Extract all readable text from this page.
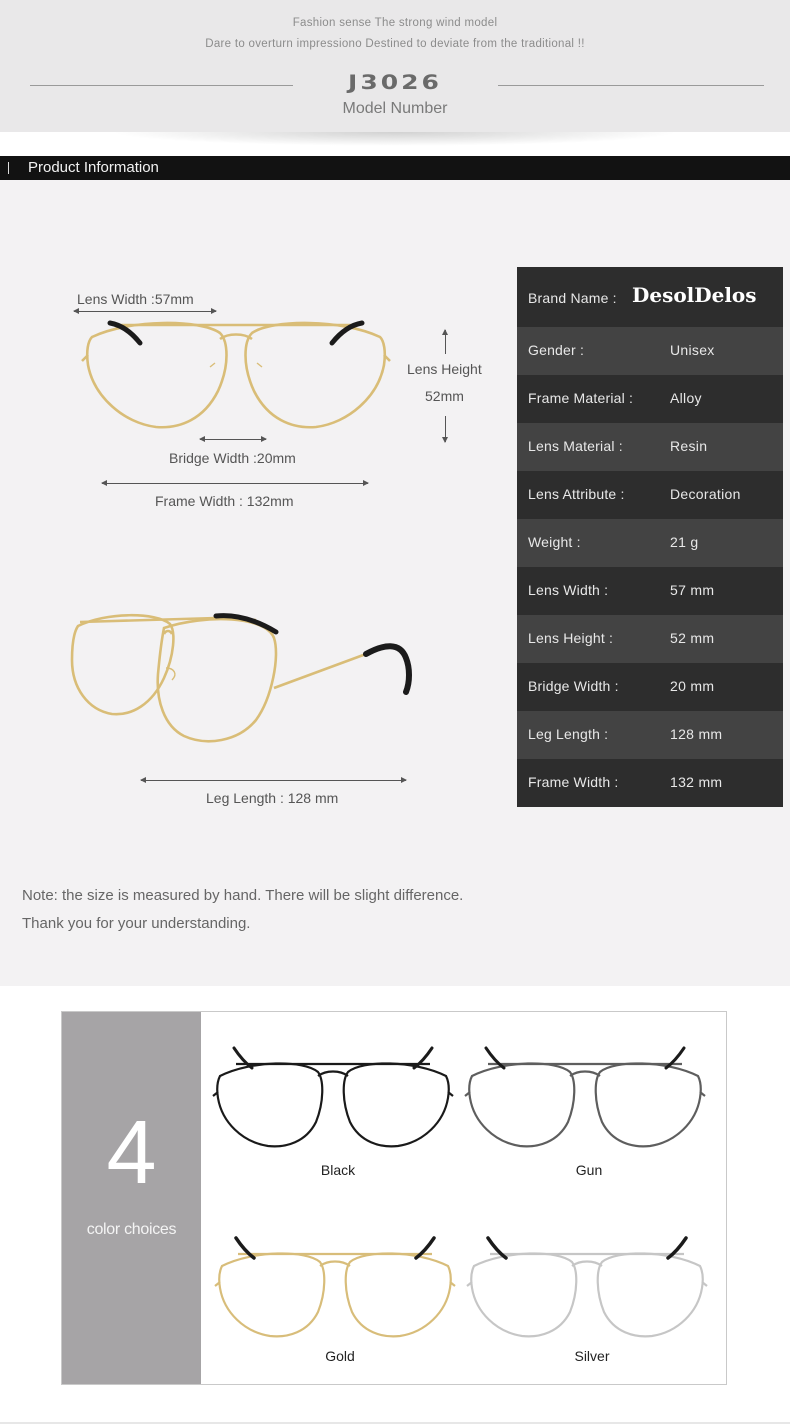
Fashion sense The strong wind model
Dare to overturn impressiono Destined to deviate from the traditional !!
J3026
Model Number
Product Information
Lens Width :57mm
Lens Height
52mm
Bridge Width :20mm
Frame Width : 132mm
Leg Length : 128 mm
Brand Name : DesolDelos
Gender :	Unisex
Frame Material :	Alloy
Lens Material :	Resin
Lens Attribute :	Decoration
Weight :	21 g
Lens Width :	57 mm
Lens Height :	52 mm
Bridge Width :	20 mm
Leg Length :	128 mm
Frame Width :	132 mm
Note: the size is measured by hand. There will be slight difference.
Thank you for your understanding.
4
color choices
Black	Gun
Gold	Silver
